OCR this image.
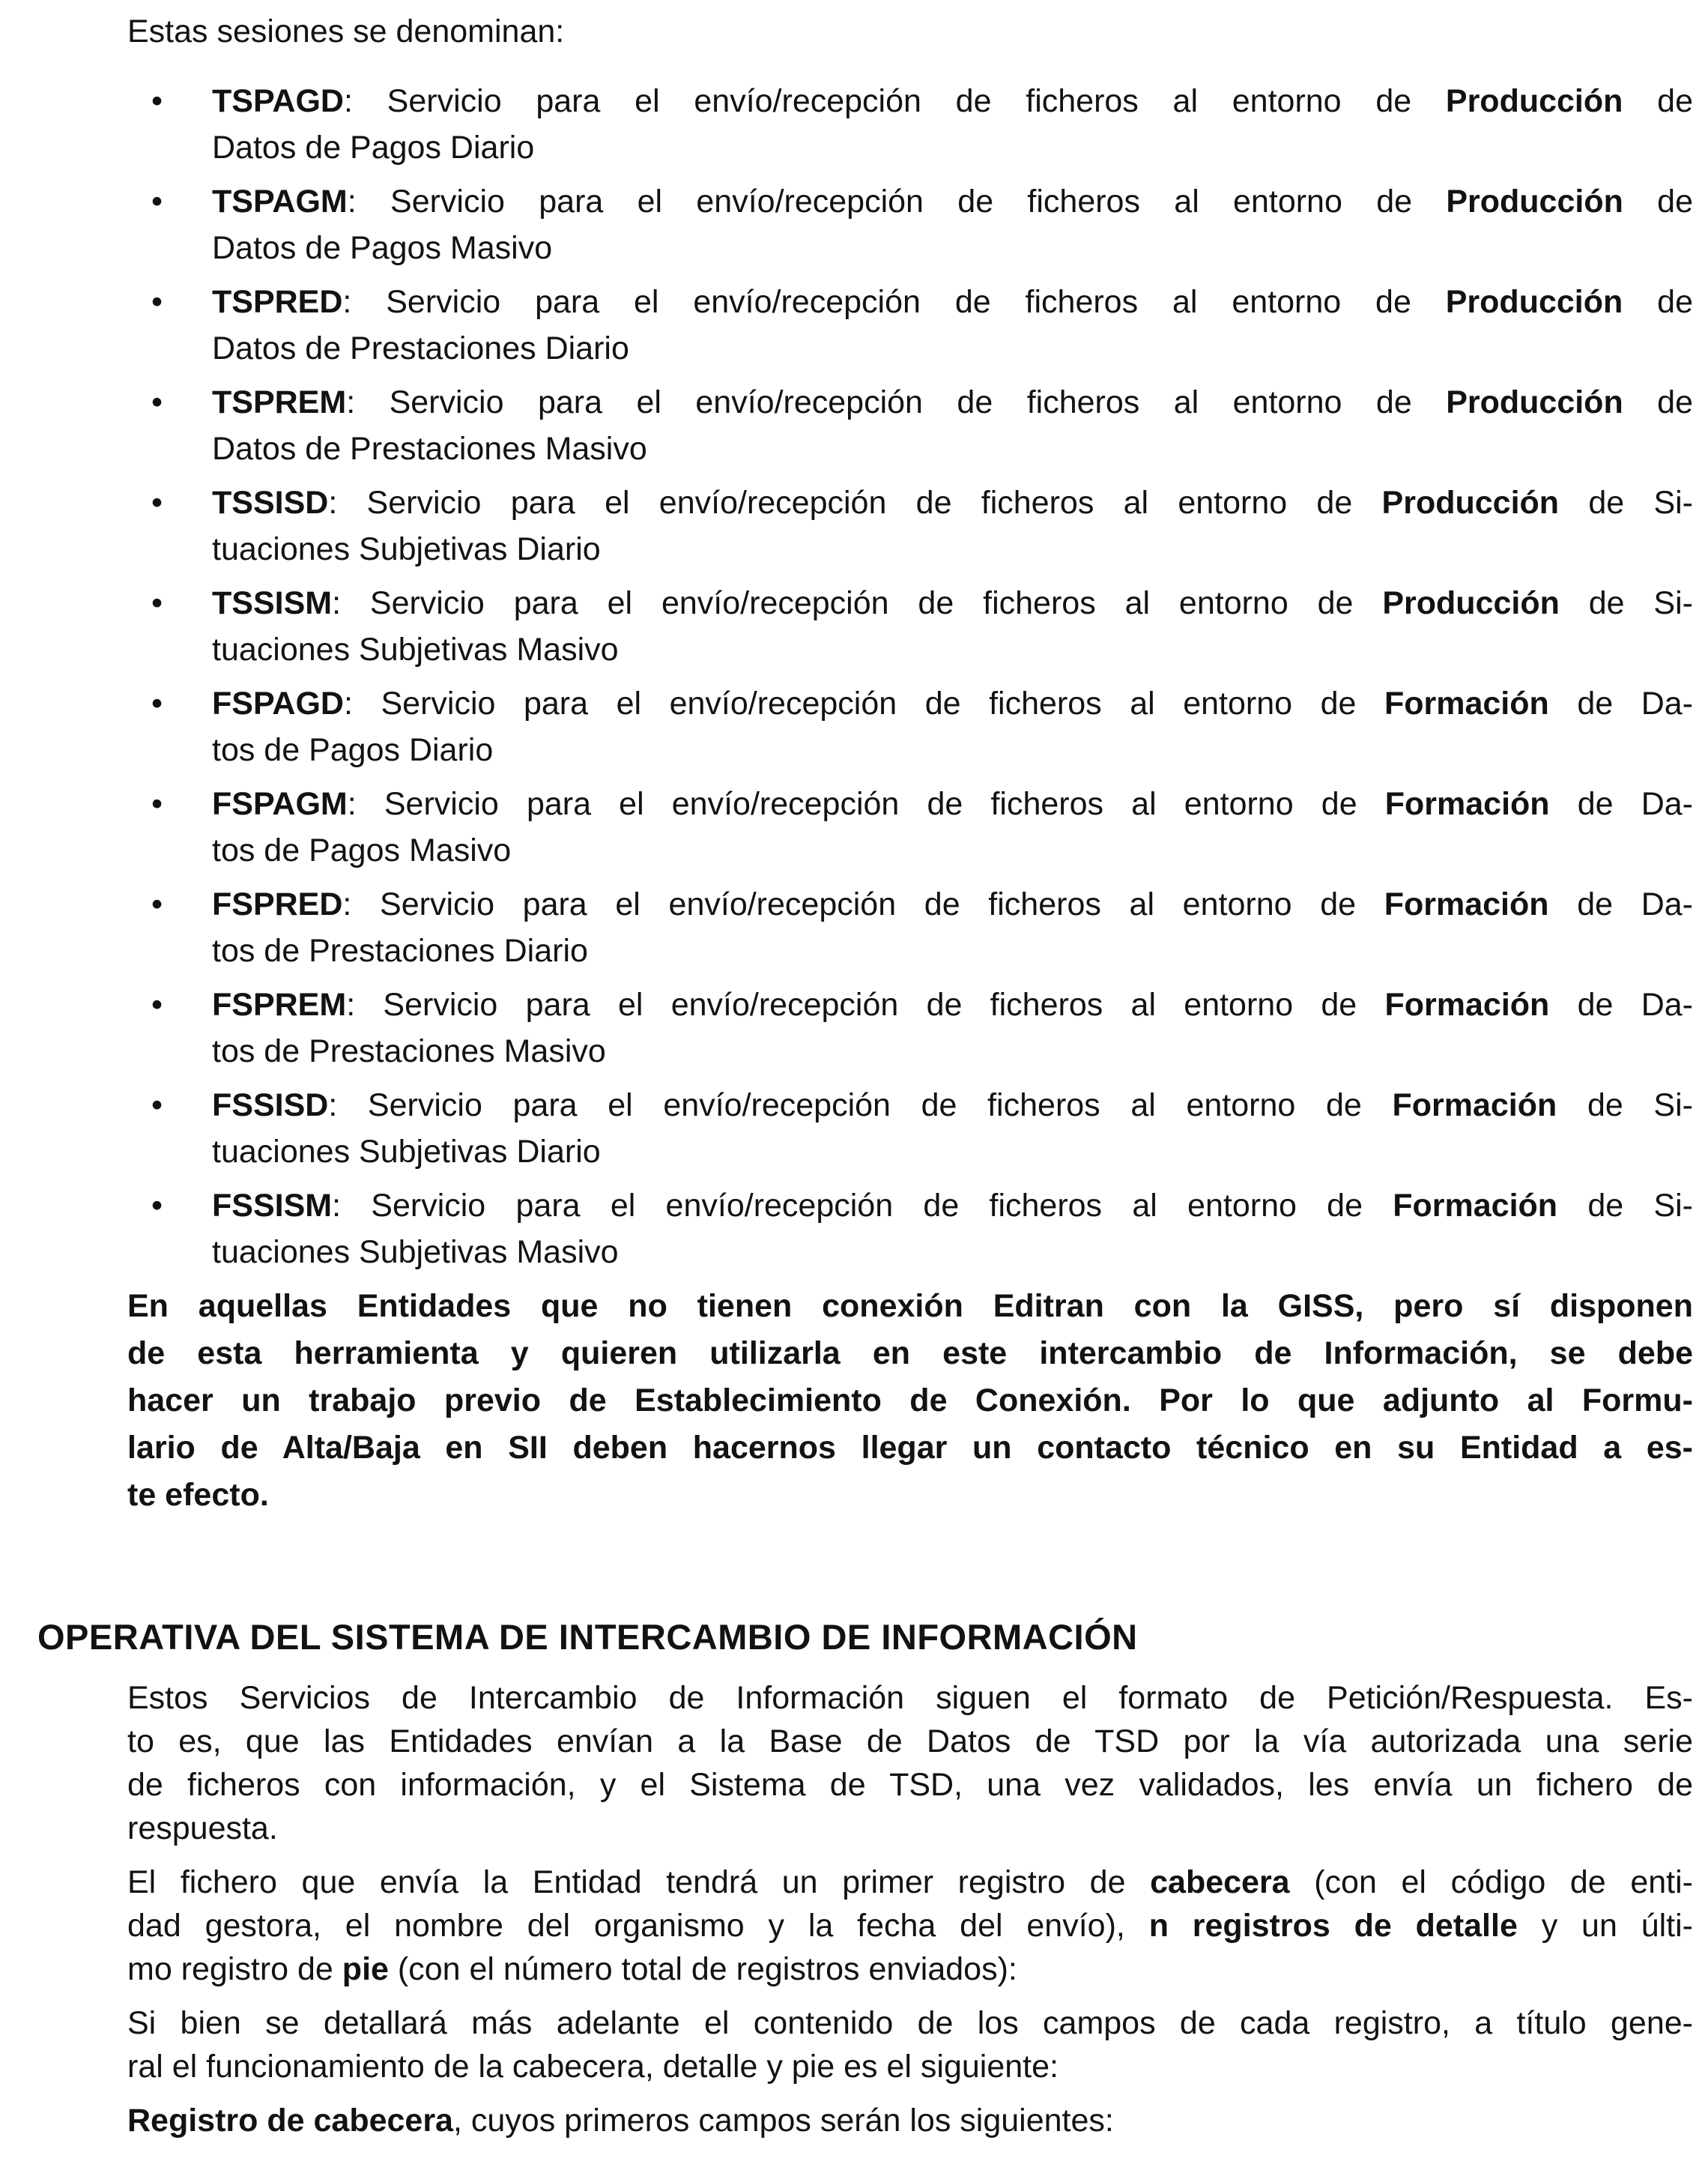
Estas sesiones se denominan:

• TSPAGD: Servicio para el envío/recepción de ficheros al entorno de Producción de
Datos de Pagos Diario
• TSPAGM: Servicio para el envío/recepción de ficheros al entorno de Producción de
Datos de Pagos Masivo
• TSPRED: Servicio para el envío/recepción de ficheros al entorno de Producción de
Datos de Prestaciones Diario
• TSPREM: Servicio para el envío/recepción de ficheros al entorno de Producción de
Datos de Prestaciones Masivo
• TSSISD: Servicio para el envío/recepción de ficheros al entorno de Producción de Si-
tuaciones Subjetivas Diario
• TSSISM: Servicio para el envío/recepción de ficheros al entorno de Producción de Si-
tuaciones Subjetivas Masivo
• FSPAGD: Servicio para el envío/recepción de ficheros al entorno de Formación de Da-
tos de Pagos Diario
• FSPAGM: Servicio para el envío/recepción de ficheros al entorno de Formación de Da-
tos de Pagos Masivo
• FSPRED: Servicio para el envío/recepción de ficheros al entorno de Formación de Da-
tos de Prestaciones Diario
• FSPREM: Servicio para el envío/recepción de ficheros al entorno de Formación de Da-
tos de Prestaciones Masivo
• FSSISD: Servicio para el envío/recepción de ficheros al entorno de Formación de Si-
tuaciones Subjetivas Diario
• FSSISM: Servicio para el envío/recepción de ficheros al entorno de Formación de Si-
tuaciones Subjetivas Masivo
En aquellas Entidades que no tienen conexión Editran con la GISS, pero sí disponen
de esta herramienta y quieren utilizarla en este intercambio de Información, se debe
hacer un trabajo previo de Establecimiento de Conexión. Por lo que adjunto al Formu-
lario de Alta/Baja en SII deben hacernos llegar un contacto técnico en su Entidad a es-
te efecto.
OPERATIVA DEL SISTEMA DE INTERCAMBIO DE INFORMACIÓN
Estos Servicios de Intercambio de Información siguen el formato de Petición/Respuesta. Es-
to es, que las Entidades envían a la Base de Datos de TSD por la vía autorizada una serie
de ficheros con información, y el Sistema de TSD, una vez validados, les envía un fichero de
respuesta.
El fichero que envía la Entidad tendrá un primer registro de cabecera (con el código de enti-
dad gestora, el nombre del organismo y la fecha del envío), n registros de detalle y un últi-
mo registro de pie (con el número total de registros enviados):
Si bien se detallará más adelante el contenido de los campos de cada registro, a título gene-
ral el funcionamiento de la cabecera, detalle y pie es el siguiente:
Registro de cabecera, cuyos primeros campos serán los siguientes:
